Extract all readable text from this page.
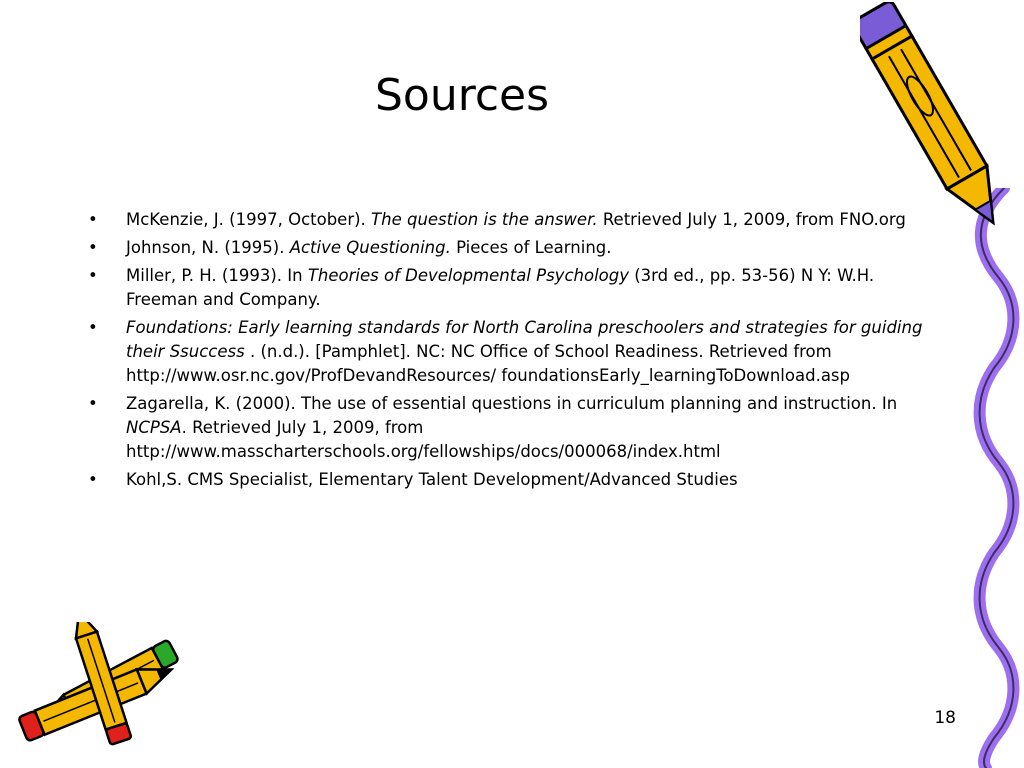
Sources
• McKenzie, J. (1997, October). The question is the answer. Retrieved July 1, 2009, from FNO.org
• Johnson, N. (1995). Active Questioning. Pieces of Learning.
• Miller, P. H. (1993). In Theories of Developmental Psychology (3rd ed., pp. 53-56) N Y: W.H. Freeman and Company.
• Foundations: Early learning standards for North Carolina preschoolers and strategies for guiding their Ssuccess . (n.d.). [Pamphlet]. NC: NC Office of School Readiness. Retrieved from http://www.osr.nc.gov/ProfDevandResources/ foundationsEarly_learningToDownload.asp
• Zagarella, K. (2000). The use of essential questions in curriculum planning and instruction. In NCPSA. Retrieved July 1, 2009, from http://www.masscharterschools.org/fellowships/docs/000068/index.html
• Kohl,S. CMS Specialist, Elementary Talent Development/Advanced Studies
18
